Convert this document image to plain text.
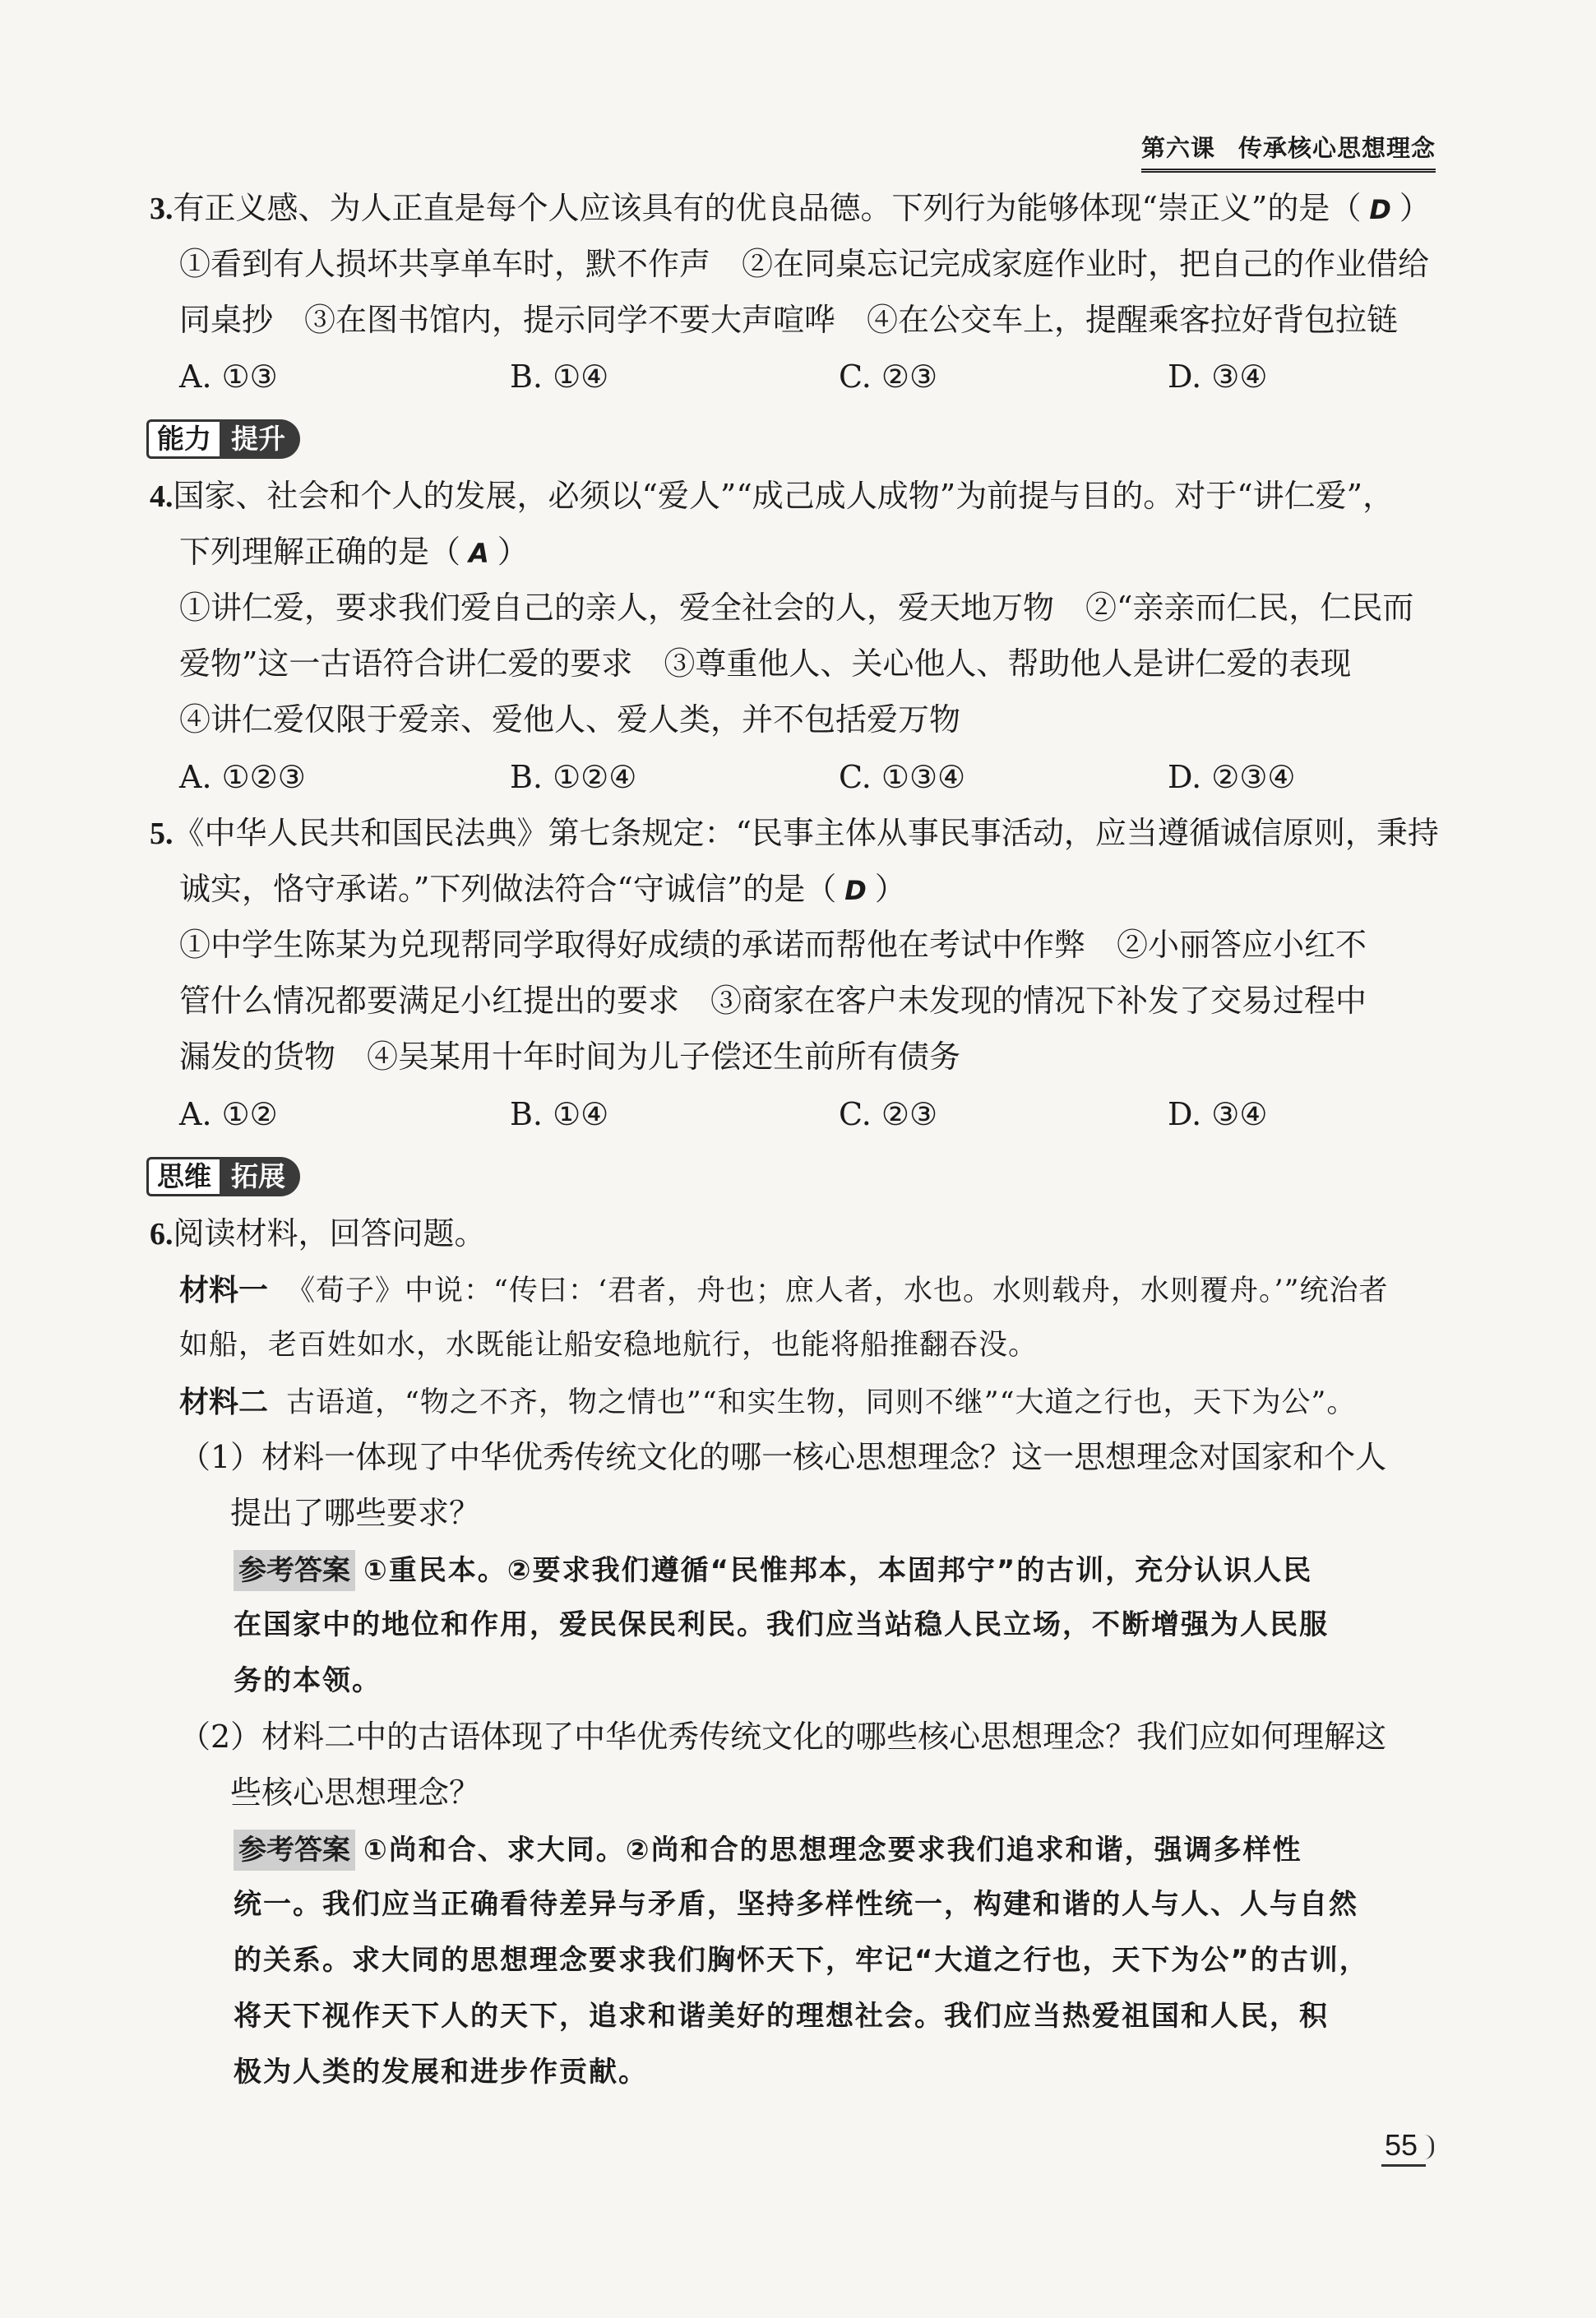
第六课 传承核心思想理念
3.有正义感、为人正直是每个人应该具有的优良品德。下列行为能够体现“崇正义”的是（ D ）
①看到有人损坏共享单车时，默不作声　②在同桌忘记完成家庭作业时，把自己的作业借给
同桌抄　③在图书馆内，提示同学不要大声喧哗　④在公交车上，提醒乘客拉好背包拉链
A. ①③	B. ①④	C. ②③	D. ③④
能力 提升
4.国家、社会和个人的发展，必须以“爱人”“成己成人成物”为前提与目的。对于“讲仁爱”，
下列理解正确的是（ A ）
①讲仁爱，要求我们爱自己的亲人，爱全社会的人，爱天地万物　②“亲亲而仁民，仁民而
爱物”这一古语符合讲仁爱的要求　③尊重他人、关心他人、帮助他人是讲仁爱的表现
④讲仁爱仅限于爱亲、爱他人、爱人类，并不包括爱万物
A. ①②③	B. ①②④	C. ①③④	D. ②③④
5.《中华人民共和国民法典》第七条规定：“民事主体从事民事活动，应当遵循诚信原则，秉持
诚实，恪守承诺。”下列做法符合“守诚信”的是（ D ）
①中学生陈某为兑现帮同学取得好成绩的承诺而帮他在考试中作弊　②小丽答应小红不
管什么情况都要满足小红提出的要求　③商家在客户未发现的情况下补发了交易过程中
漏发的货物　④吴某用十年时间为儿子偿还生前所有债务
A. ①②	B. ①④	C. ②③	D. ③④
思维 拓展
6.阅读材料，回答问题。
材料一 《荀子》中说：“传曰：‘君者，舟也；庶人者，水也。水则载舟，水则覆舟。’”统治者
如船，老百姓如水，水既能让船安稳地航行，也能将船推翻吞没。
材料二 古语道，“物之不齐，物之情也”“和实生物，同则不继”“大道之行也，天下为公”。
（1）材料一体现了中华优秀传统文化的哪一核心思想理念？这一思想理念对国家和个人
提出了哪些要求？
参考答案 ①重民本。②要求我们遵循“民惟邦本，本固邦宁”的古训，充分认识人民
在国家中的地位和作用，爱民保民利民。我们应当站稳人民立场，不断增强为人民服
务的本领。
（2）材料二中的古语体现了中华优秀传统文化的哪些核心思想理念？我们应如何理解这
些核心思想理念？
参考答案 ①尚和合、求大同。②尚和合的思想理念要求我们追求和谐，强调多样性
统一。我们应当正确看待差异与矛盾，坚持多样性统一，构建和谐的人与人、人与自然
的关系。求大同的思想理念要求我们胸怀天下，牢记“大道之行也，天下为公”的古训，
将天下视作天下人的天下，追求和谐美好的理想社会。我们应当热爱祖国和人民，积
极为人类的发展和进步作贡献。
55
